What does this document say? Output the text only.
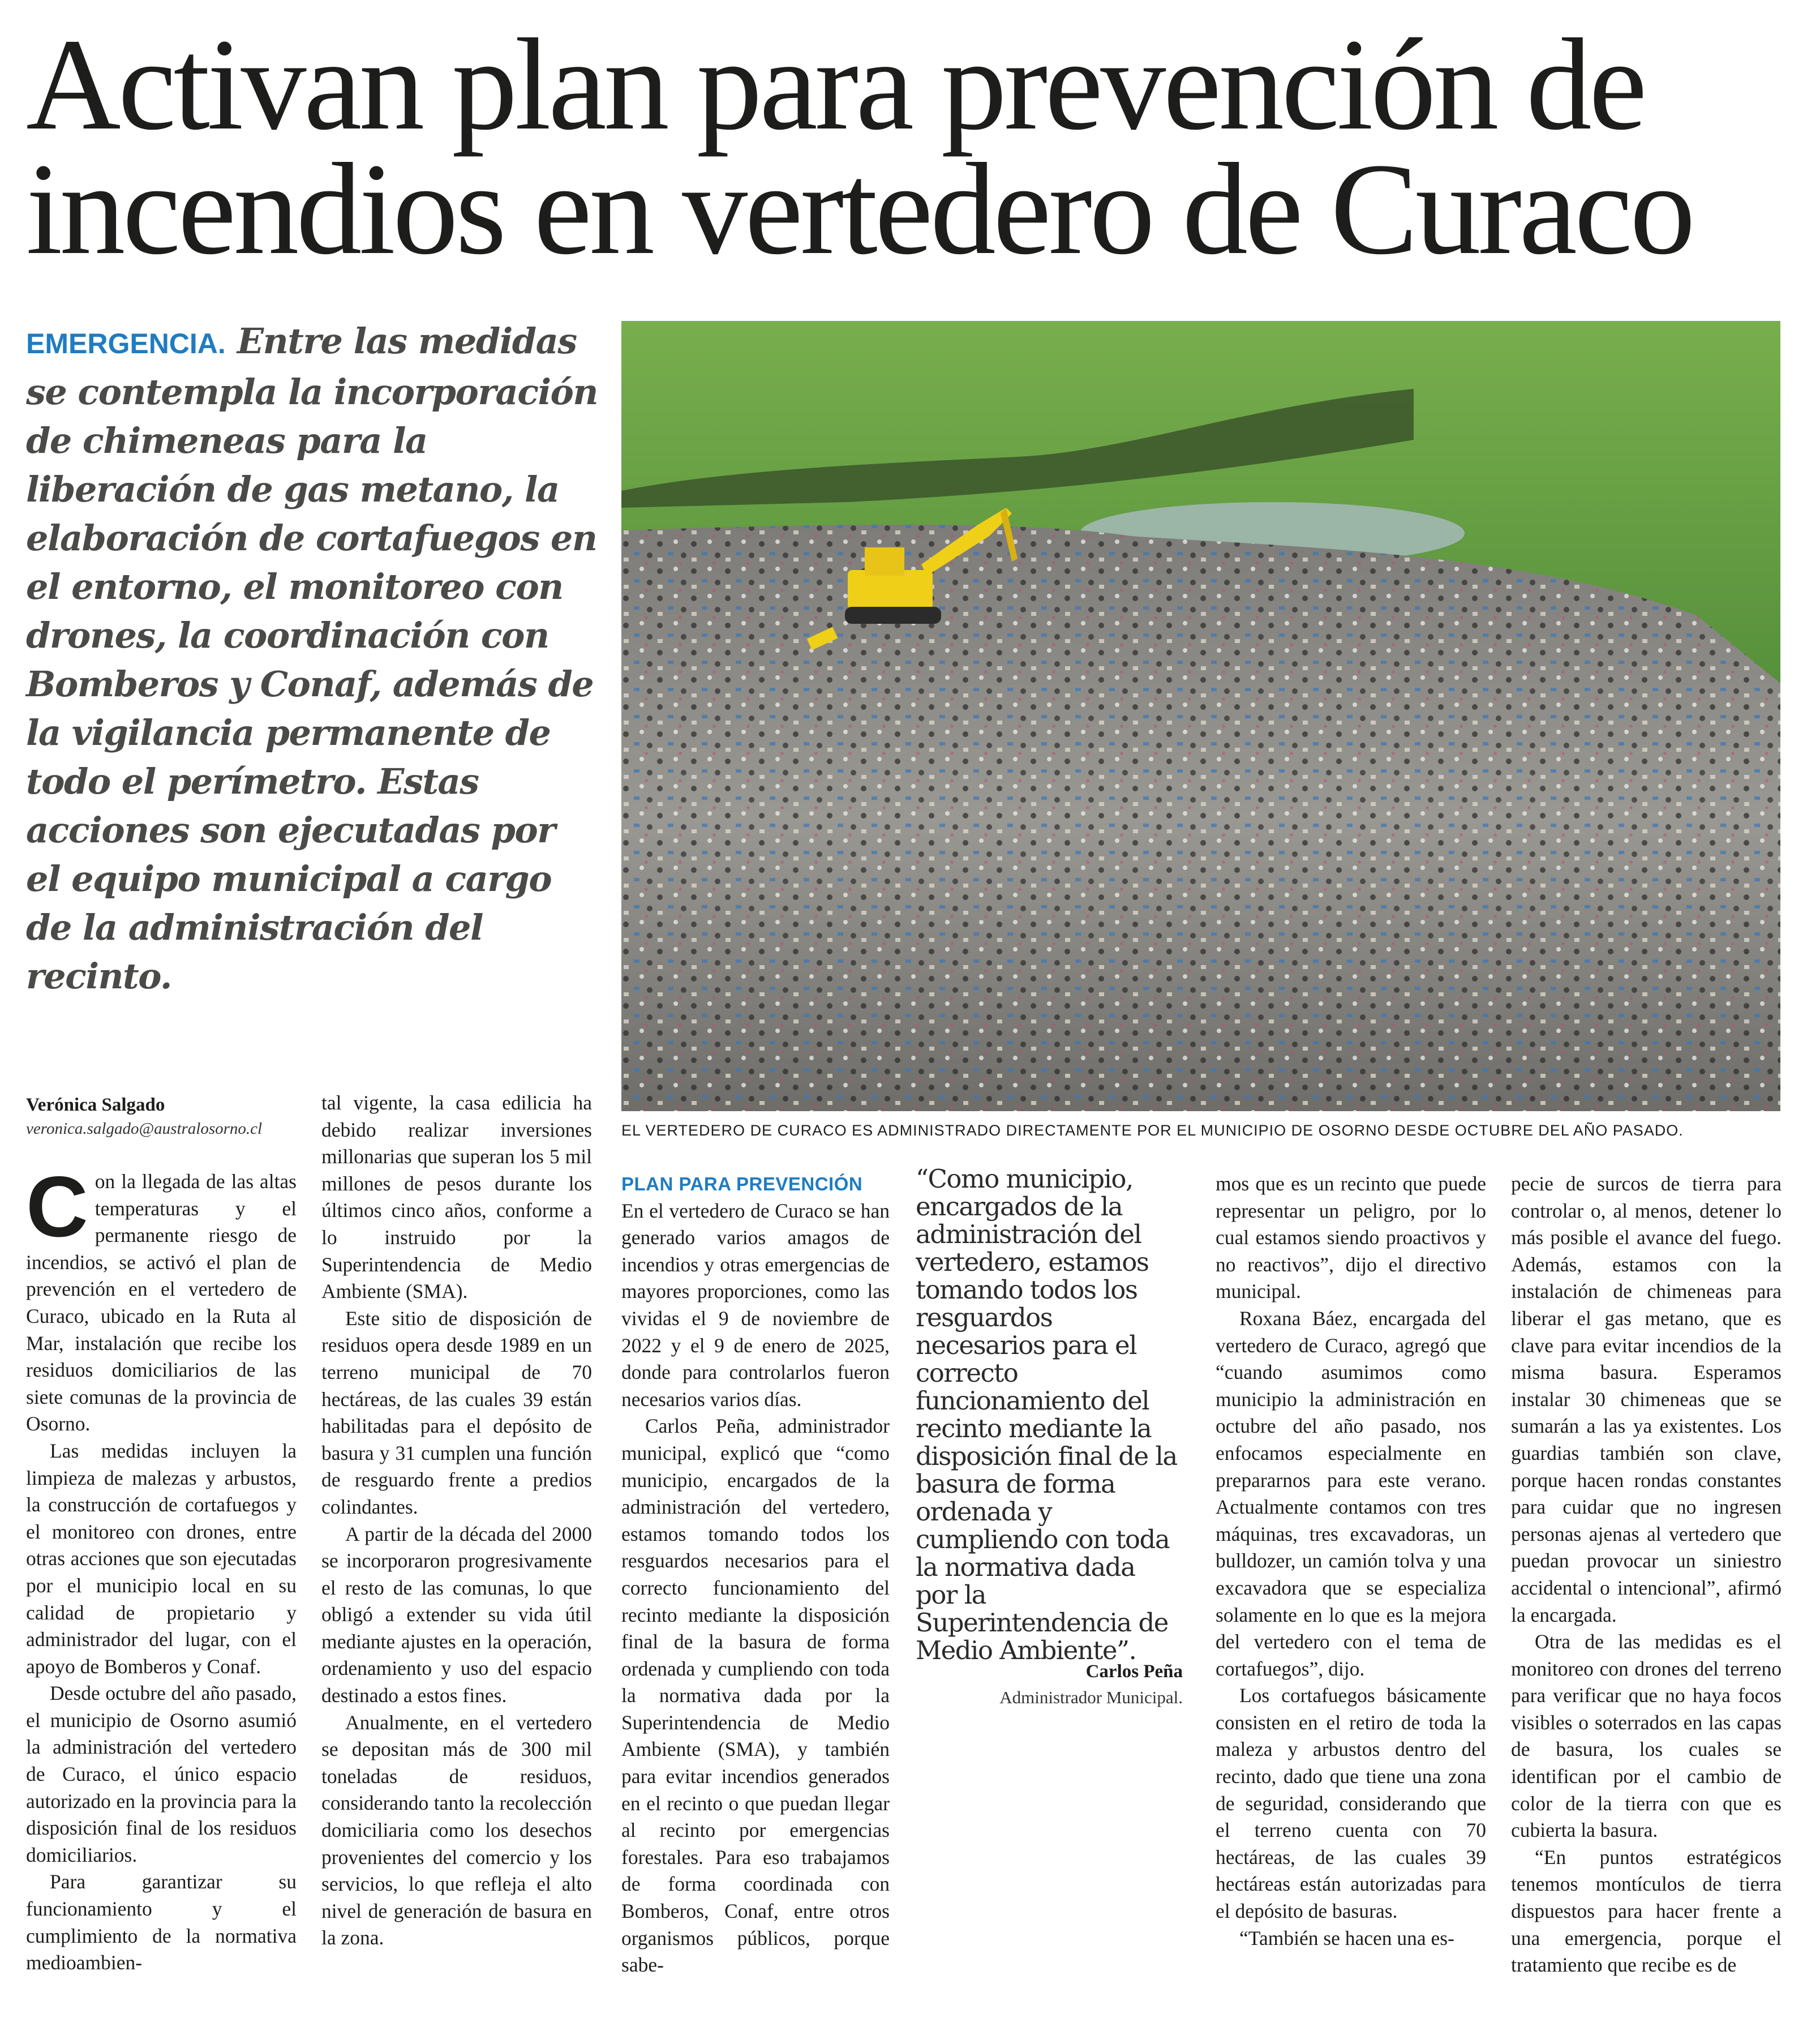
Activan plan para prevención de
incendios en vertedero de Curaco
EMERGENCIA. Entre las medidas se contempla la incorporación de chimeneas para la liberación de gas metano, la elaboración de cortafuegos en el entorno, el monitoreo con drones, la coordinación con Bomberos y Conaf, además de la vigilancia permanente de todo el perímetro. Estas acciones son ejecutadas por el equipo municipal a cargo de la administración del recinto.
EL VERTEDERO DE CURACO ES ADMINISTRADO DIRECTAMENTE POR EL MUNICIPIO DE OSORNO DESDE OCTUBRE DEL AÑO PASADO.
Verónica Salgado
veronica.salgado@australosorno.cl

Con la llegada de las altas temperaturas y el permanente riesgo de incendios, se activó el plan de prevención en el vertedero de Curaco, ubicado en la Ruta al Mar, instalación que recibe los residuos domiciliarios de las siete comunas de la provincia de Osorno.

Las medidas incluyen la limpieza de malezas y arbustos, la construcción de cortafuegos y el monitoreo con drones, entre otras acciones que son ejecutadas por el municipio local en su calidad de propietario y administrador del lugar, con el apoyo de Bomberos y Conaf.

Desde octubre del año pasado, el municipio de Osorno asumió la administración del vertedero de Curaco, el único espacio autorizado en la provincia para la disposición final de los residuos domiciliarios.

Para garantizar su funcionamiento y el cumplimiento de la normativa medioambien-

tal vigente, la casa edilicia ha debido realizar inversiones millonarias que superan los 5 mil millones de pesos durante los últimos cinco años, conforme a lo instruido por la Superintendencia de Medio Ambiente (SMA).

Este sitio de disposición de residuos opera desde 1989 en un terreno municipal de 70 hectáreas, de las cuales 39 están habilitadas para el depósito de basura y 31 cumplen una función de resguardo frente a predios colindantes.

A partir de la década del 2000 se incorporaron progresivamente el resto de las comunas, lo que obligó a extender su vida útil mediante ajustes en la operación, ordenamiento y uso del espacio destinado a estos fines.

Anualmente, en el vertedero se depositan más de 300 mil toneladas de residuos, considerando tanto la recolección domiciliaria como los desechos provenientes del comercio y los servicios, lo que refleja el alto nivel de generación de basura en la zona.

PLAN PARA PREVENCIÓN

En el vertedero de Curaco se han generado varios amagos de incendios y otras emergencias de mayores proporciones, como las vividas el 9 de noviembre de 2022 y el 9 de enero de 2025, donde para controlarlos fueron necesarios varios días.

Carlos Peña, administrador municipal, explicó que “como municipio, encargados de la administración del vertedero, estamos tomando todos los resguardos necesarios para el correcto funcionamiento del recinto mediante la disposición final de la basura de forma ordenada y cumpliendo con toda la normativa dada por la Superintendencia de Medio Ambiente (SMA), y también para evitar incendios generados en el recinto o que puedan llegar al recinto por emergencias forestales. Para eso trabajamos de forma coordinada con Bomberos, Conaf, entre otros organismos públicos, porque sabe-

“Como municipio, encargados de la administración del vertedero, estamos tomando todos los resguardos necesarios para el correcto funcionamiento del recinto mediante la disposición final de la basura de forma ordenada y cumpliendo con toda la normativa dada por la Superintendencia de Medio Ambiente”.
Carlos Peña
Administrador Municipal.

mos que es un recinto que puede representar un peligro, por lo cual estamos siendo proactivos y no reactivos”, dijo el directivo municipal.

Roxana Báez, encargada del vertedero de Curaco, agregó que “cuando asumimos como municipio la administración en octubre del año pasado, nos enfocamos especialmente en prepararnos para este verano. Actualmente contamos con tres máquinas, tres excavadoras, un bulldozer, un camión tolva y una excavadora que se especializa solamente en lo que es la mejora del vertedero con el tema de cortafuegos”, dijo.

Los cortafuegos básicamente consisten en el retiro de toda la maleza y arbustos dentro del recinto, dado que tiene una zona de seguridad, considerando que el terreno cuenta con 70 hectáreas, de las cuales 39 hectáreas están autorizadas para el depósito de basuras.

“También se hacen una es-

pecie de surcos de tierra para controlar o, al menos, detener lo más posible el avance del fuego. Además, estamos con la instalación de chimeneas para liberar el gas metano, que es clave para evitar incendios de la misma basura. Esperamos instalar 30 chimeneas que se sumarán a las ya existentes. Los guardias también son clave, porque hacen rondas constantes para cuidar que no ingresen personas ajenas al vertedero que puedan provocar un siniestro accidental o intencional”, afirmó la encargada.

Otra de las medidas es el monitoreo con drones del terreno para verificar que no haya focos visibles o soterrados en las capas de basura, los cuales se identifican por el cambio de color de la tierra con que es cubierta la basura.

“En puntos estratégicos tenemos montículos de tierra dispuestos para hacer frente a una emergencia, porque el tratamiento que recibe es de
